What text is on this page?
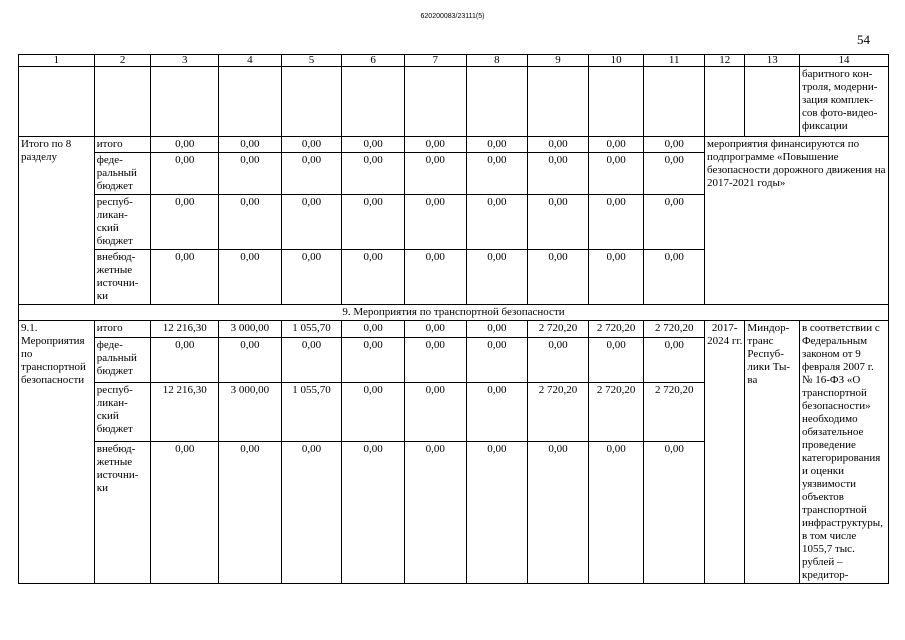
620200083/23111(5)
54
1	2	3	4	5	6	7	8	9	10	11	12	13	14
													баритного кон-
троля, модерни-
зация комплек-
сов фото-видео-
фиксации
Итого по 8 разделу	итого	0,00	0,00	0,00	0,00	0,00	0,00	0,00	0,00	0,00	мероприятия финансируются по подпрограмме «Повышение безопасности дорожного движения на 2017-2021 годы»		
	феде-ральный бюджет	0,00	0,00	0,00	0,00	0,00	0,00	0,00	0,00	0,00			
	респуб-ликан-ский бюджет	0,00	0,00	0,00	0,00	0,00	0,00	0,00	0,00	0,00			
	внебюд-жетные источни-ки	0,00	0,00	0,00	0,00	0,00	0,00	0,00	0,00	0,00			
9. Мероприятия по транспортной безопасности													
9.1. Мероприятия по транспортной безопасности	итого	12 216,30	3 000,00	1 055,70	0,00	0,00	0,00	2 720,20	2 720,20	2 720,20	2017-2024 гг.	Миндор-транс Респуб-лики Ты-ва	в соответствии с Федеральным законом от 9 февраля 2007 г. № 16-ФЗ «О транспортной безопасности» необходимо обязательное проведение категорирования и оценки уязвимости объектов транспортной инфраструктуры, в том числе 1055,7 тыс. рублей – кредитор-
	феде-ральный бюджет	0,00	0,00	0,00	0,00	0,00	0,00	0,00	0,00	0,00			
	респуб-ликан-ский бюджет	12 216,30	3 000,00	1 055,70	0,00	0,00	0,00	2 720,20	2 720,20	2 720,20			
	внебюд-жетные источни-ки	0,00	0,00	0,00	0,00	0,00	0,00	0,00	0,00	0,00			
